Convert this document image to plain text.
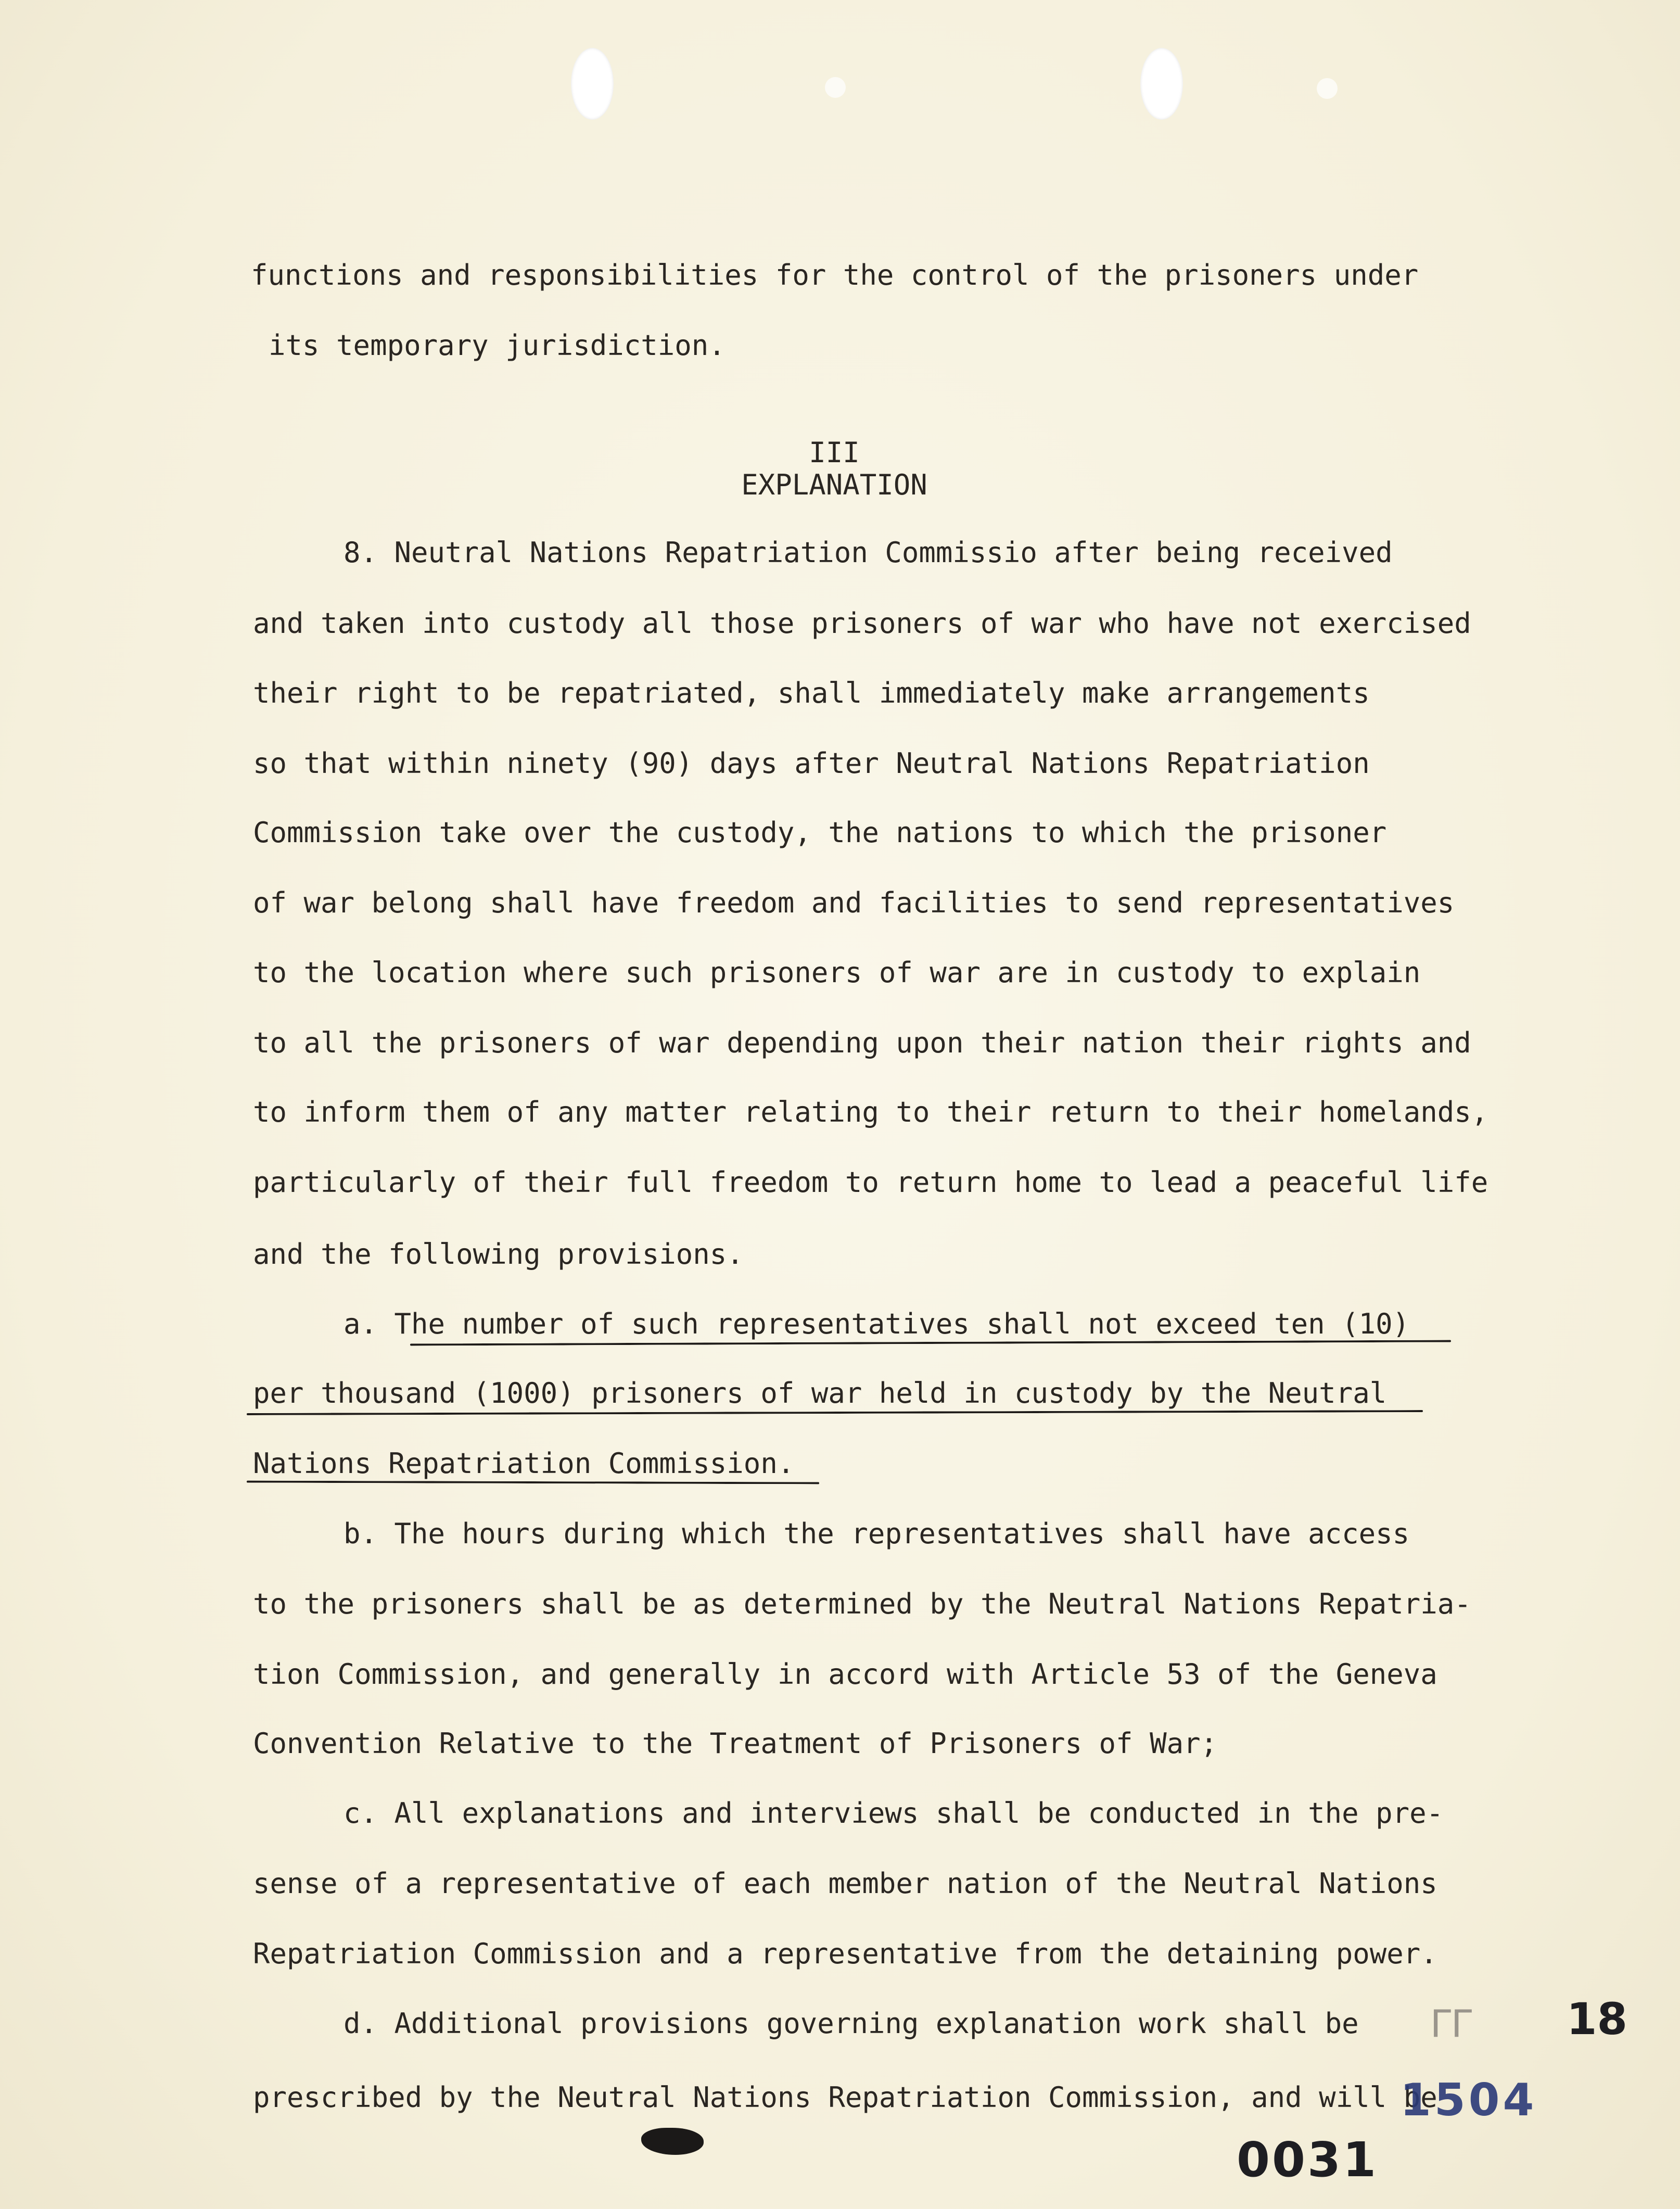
functions and responsibilities for the control of the prisoners under
its temporary jurisdiction.
III
EXPLANATION
8. Neutral Nations Repatriation Commissio after being received
and taken into custody all those prisoners of war who have not exercised
their right to be repatriated, shall immediately make arrangements
so that within ninety (90) days after Neutral Nations Repatriation
Commission take over the custody, the nations to which the prisoner
of war belong shall have freedom and facilities to send representatives
to the location where such prisoners of war are in custody to explain
to all the prisoners of war depending upon their nation their rights and
to inform them of any matter relating to their return to their homelands,
particularly of their full freedom to return home to lead a peaceful life
and the following provisions.
a. The number of such representatives shall not exceed ten (10)
per thousand (1000) prisoners of war held in custody by the Neutral
Nations Repatriation Commission.
b. The hours during which the representatives shall have access
to the prisoners shall be as determined by the Neutral Nations Repatria-
tion Commission, and generally in accord with Article 53 of the Geneva
Convention Relative to the Treatment of Prisoners of War;
c. All explanations and interviews shall be conducted in the pre-
sense of a representative of each member nation of the Neutral Nations
Repatriation Commission and a representative from the detaining power.
d. Additional provisions governing explanation work shall be
prescribed by the Neutral Nations Repatriation Commission, and will be
ᒥᒥ 18
1504
0031
